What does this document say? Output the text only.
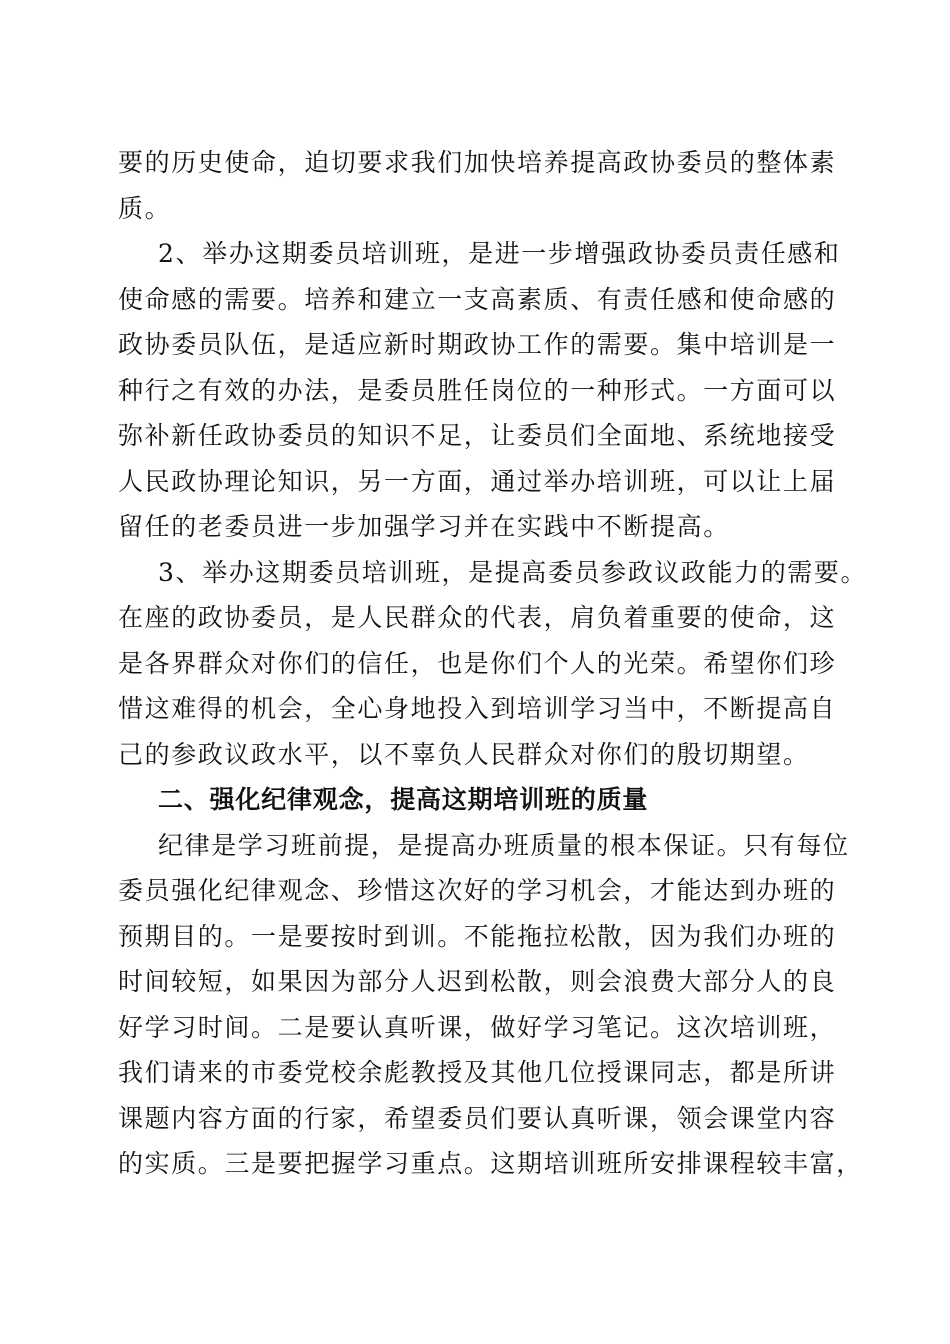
要的历史使命，迫切要求我们加快培养提高政协委员的整体素
质。
2、举办这期委员培训班，是进一步增强政协委员责任感和
使命感的需要。培养和建立一支高素质、有责任感和使命感的
政协委员队伍，是适应新时期政协工作的需要。集中培训是一
种行之有效的办法，是委员胜任岗位的一种形式。一方面可以
弥补新任政协委员的知识不足，让委员们全面地、系统地接受
人民政协理论知识，另一方面，通过举办培训班，可以让上届
留任的老委员进一步加强学习并在实践中不断提高。
3、举办这期委员培训班，是提高委员参政议政能力的需要。
在座的政协委员，是人民群众的代表，肩负着重要的使命，这
是各界群众对你们的信任，也是你们个人的光荣。希望你们珍
惜这难得的机会，全心身地投入到培训学习当中，不断提高自
己的参政议政水平，以不辜负人民群众对你们的殷切期望。
二、强化纪律观念，提高这期培训班的质量
纪律是学习班前提，是提高办班质量的根本保证。只有每位
委员强化纪律观念、珍惜这次好的学习机会，才能达到办班的
预期目的。一是要按时到训。不能拖拉松散，因为我们办班的
时间较短，如果因为部分人迟到松散，则会浪费大部分人的良
好学习时间。二是要认真听课，做好学习笔记。这次培训班，
我们请来的市委党校余彪教授及其他几位授课同志，都是所讲
课题内容方面的行家，希望委员们要认真听课，领会课堂内容
的实质。三是要把握学习重点。这期培训班所安排课程较丰富，
